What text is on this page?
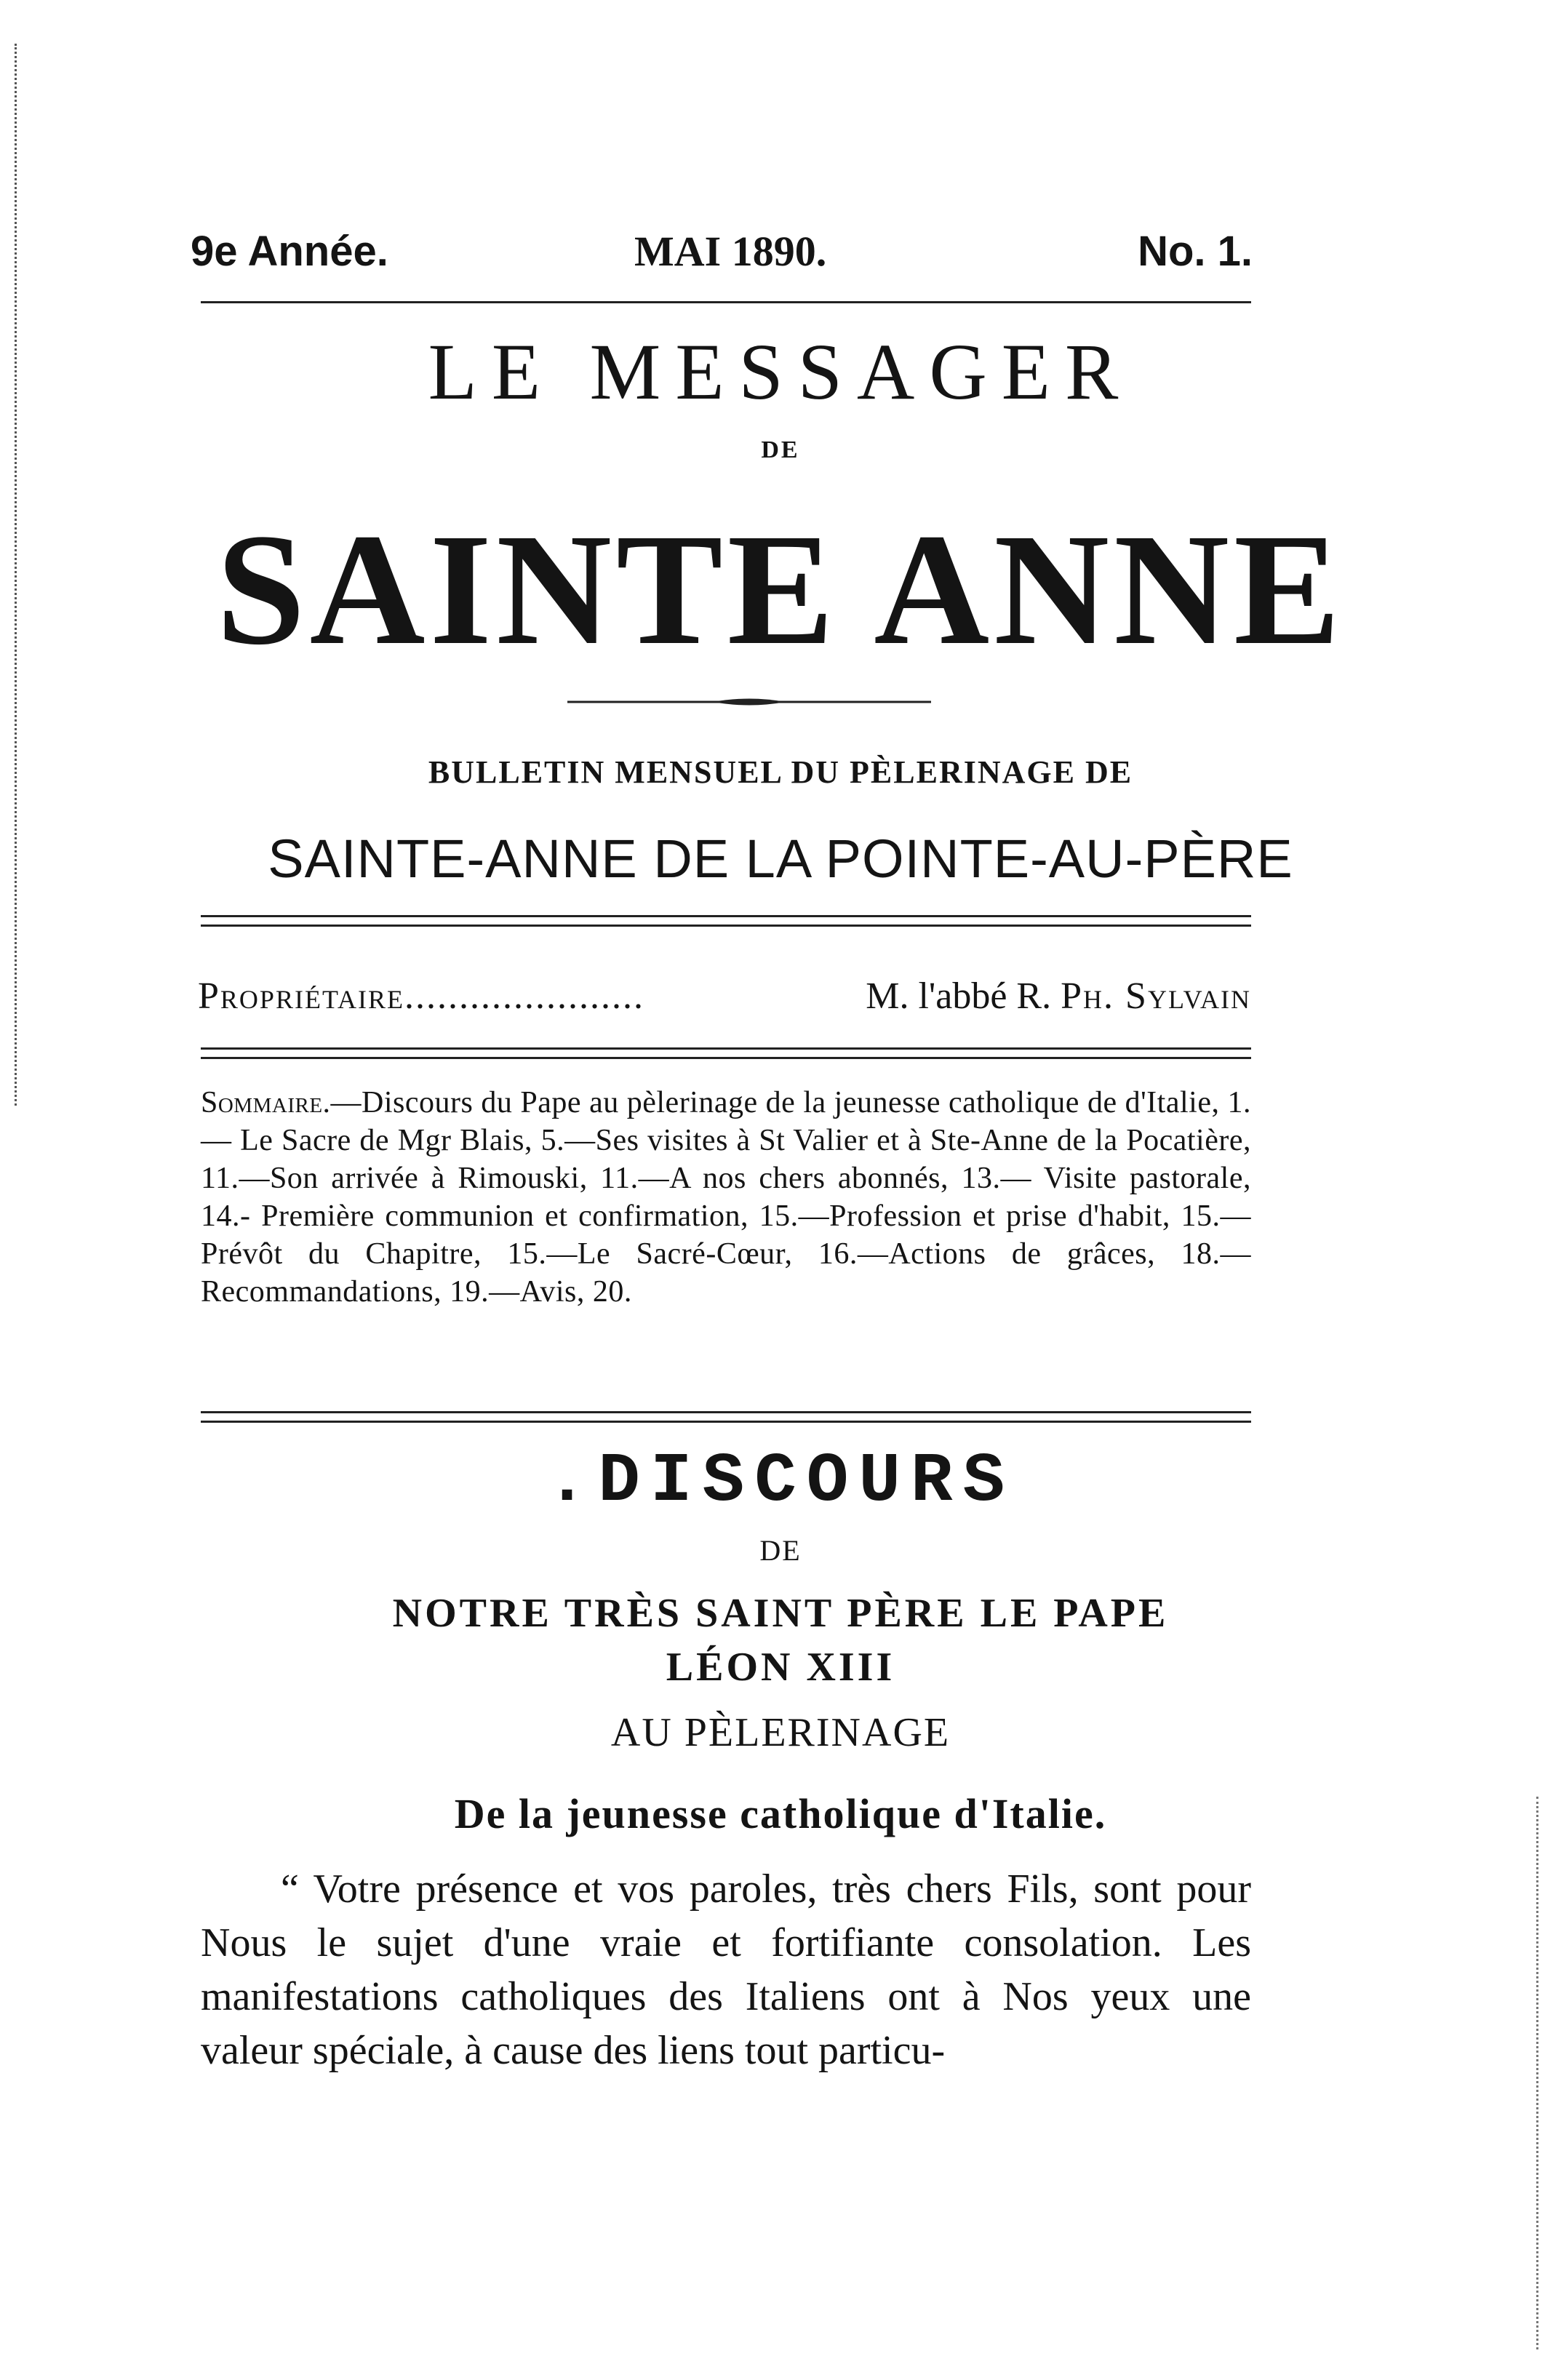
9e Année.	MAI 1890.	No. 1.
LE MESSAGER
DE
SAINTE ANNE
BULLETIN MENSUEL DU PÈLERINAGE DE
SAINTE-ANNE DE LA POINTE-AU-PÈRE
Propriétaire......................	M. l'abbé R. Ph. Sylvain
Sommaire.—Discours du Pape au pèlerinage de la jeunesse catholique de d'Italie, 1. — Le Sacre de Mgr Blais, 5.—Ses visites à St Valier et à Ste-Anne de la Pocatière, 11.—Son arrivée à Rimouski, 11.—A nos chers abonnés, 13.— Visite pastorale, 14.- Première communion et confirmation, 15.—Profession et prise d'habit, 15.—Prévôt du Chapitre, 15.—Le Sacré-Cœur, 16.—Actions de grâces, 18.—Recommandations, 19.—Avis, 20.
.DISCOURS
DE
NOTRE TRÈS SAINT PÈRE LE PAPE
LÉON XIII
AU PÈLERINAGE
De la jeunesse catholique d'Italie.

“ Votre présence et vos paroles, très chers Fils, sont pour Nous le sujet d'une vraie et fortifiante consolation. Les manifestations catholiques des Italiens ont à Nos yeux une valeur spéciale, à cause des liens tout particu-
